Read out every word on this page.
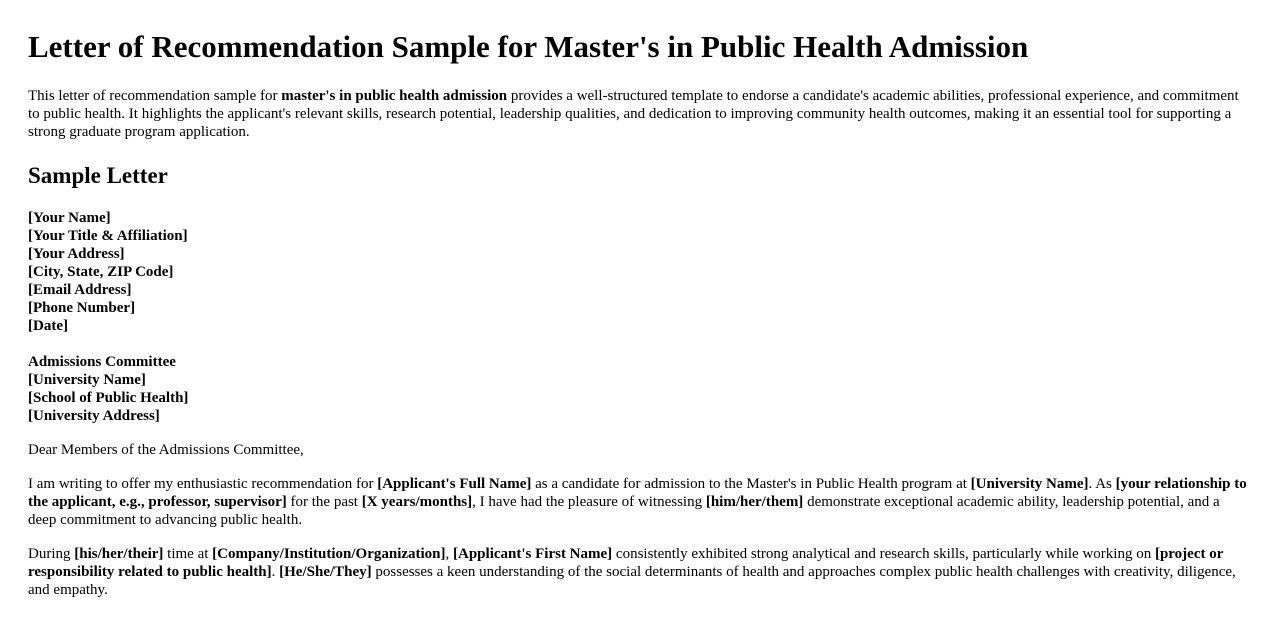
Letter of Recommendation Sample for Master's in Public Health Admission

This letter of recommendation sample for master's in public health admission provides a well-structured template to endorse a candidate's academic abilities, professional experience, and commitment to public health. It highlights the applicant's relevant skills, research potential, leadership qualities, and dedication to improving community health outcomes, making it an essential tool for supporting a strong graduate program application.

Sample Letter
[Your Name]
[Your Title & Affiliation]
[Your Address]
[City, State, ZIP Code]
[Email Address]
[Phone Number]
[Date]
Admissions Committee
[University Name]
[School of Public Health]
[University Address]

Dear Members of the Admissions Committee,

I am writing to offer my enthusiastic recommendation for [Applicant's Full Name] as a candidate for admission to the Master's in Public Health program at [University Name]. As [your relationship to the applicant, e.g., professor, supervisor] for the past [X years/months], I have had the pleasure of witnessing [him/her/them] demonstrate exceptional academic ability, leadership potential, and a deep commitment to advancing public health.

During [his/her/their] time at [Company/Institution/Organization], [Applicant's First Name] consistently exhibited strong analytical and research skills, particularly while working on [project or responsibility related to public health]. [He/She/They] possesses a keen understanding of the social determinants of health and approaches complex public health challenges with creativity, diligence, and empathy.
